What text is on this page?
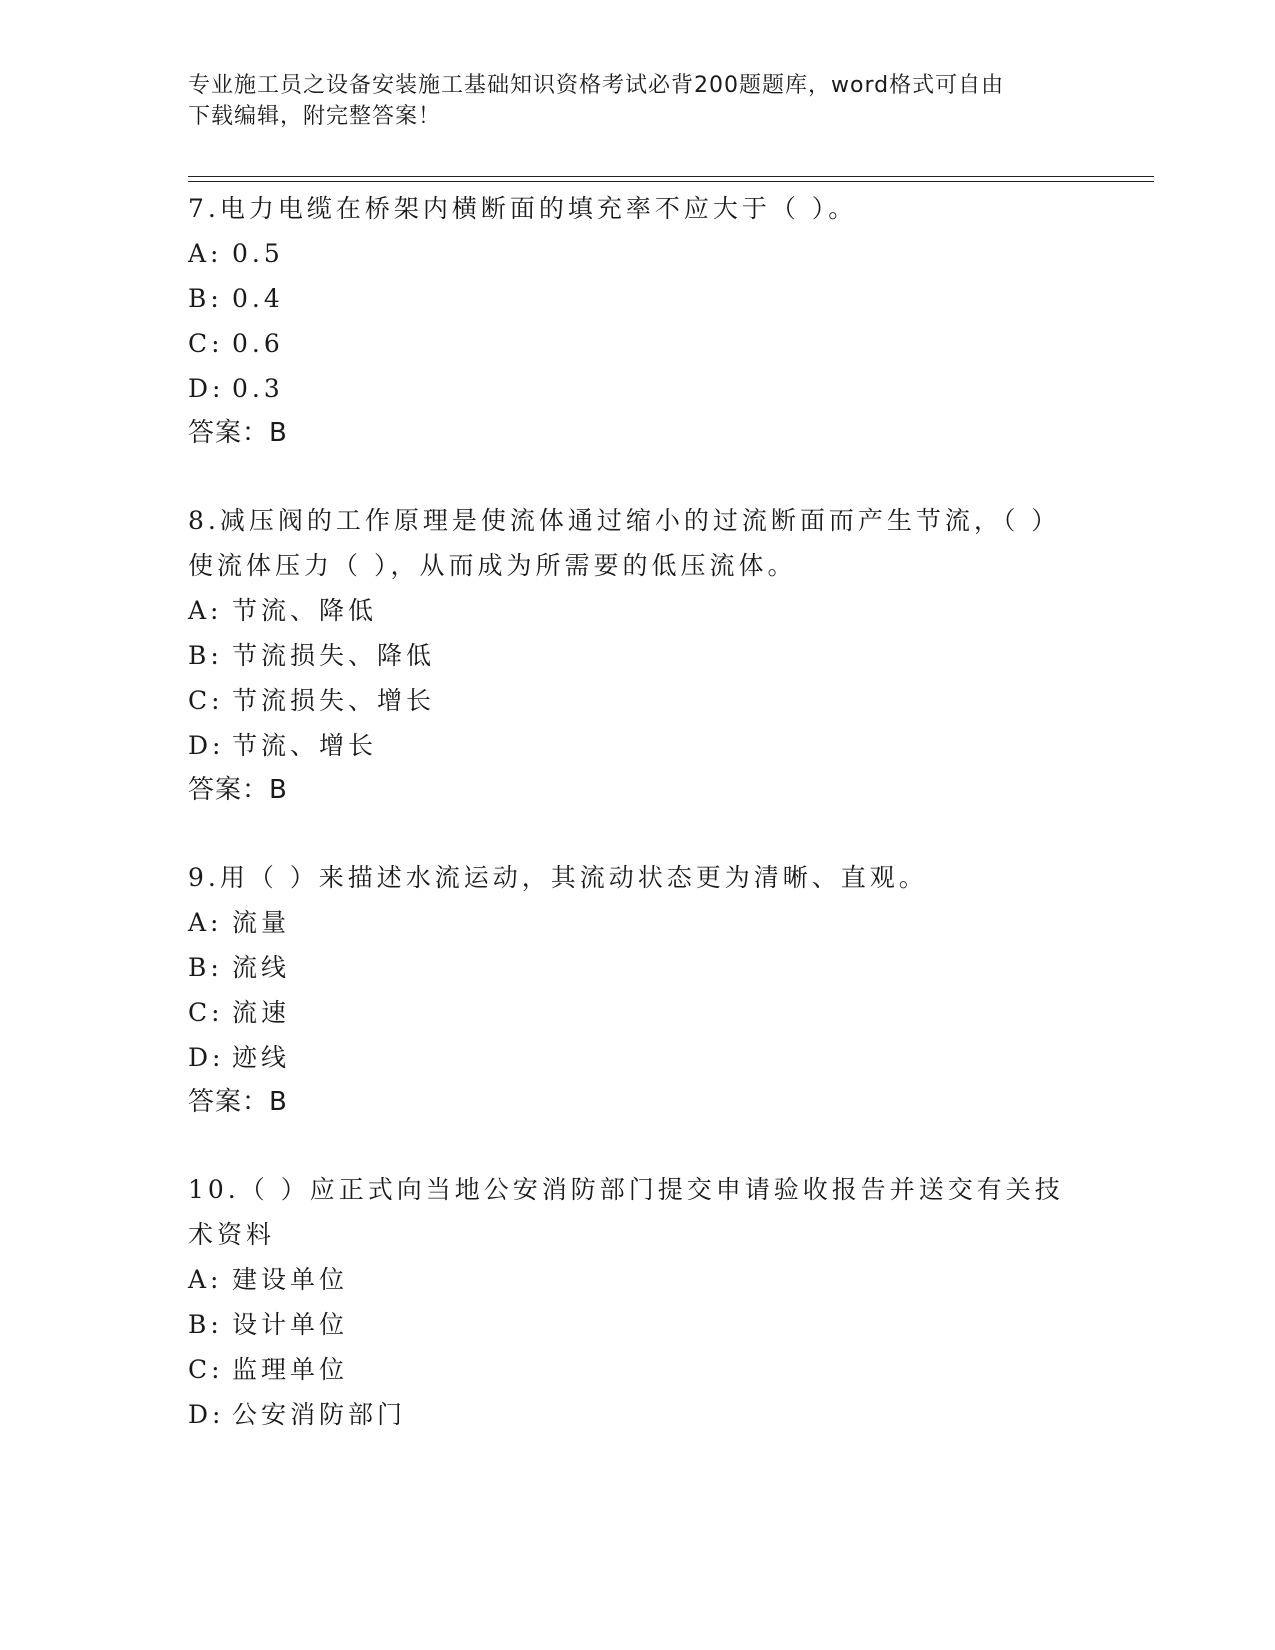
专业施工员之设备安装施工基础知识资格考试必背200题题库，word格式可自由
下载编辑，附完整答案！
7.电力电缆在桥架内横断面的填充率不应大于（ ）。
A: 0.5
B: 0.4
C: 0.6
D: 0.3
答案：B
8.减压阀的工作原理是使流体通过缩小的过流断面而产生节流，（ ）
使流体压力（ ），从而成为所需要的低压流体。
A: 节流、降低
B: 节流损失、降低
C: 节流损失、增长
D: 节流、增长
答案：B
9.用（ ）来描述水流运动，其流动状态更为清晰、直观。
A: 流量
B: 流线
C: 流速
D: 迹线
答案：B
10.（ ）应正式向当地公安消防部门提交申请验收报告并送交有关技
术资料
A: 建设单位
B: 设计单位
C: 监理单位
D: 公安消防部门
